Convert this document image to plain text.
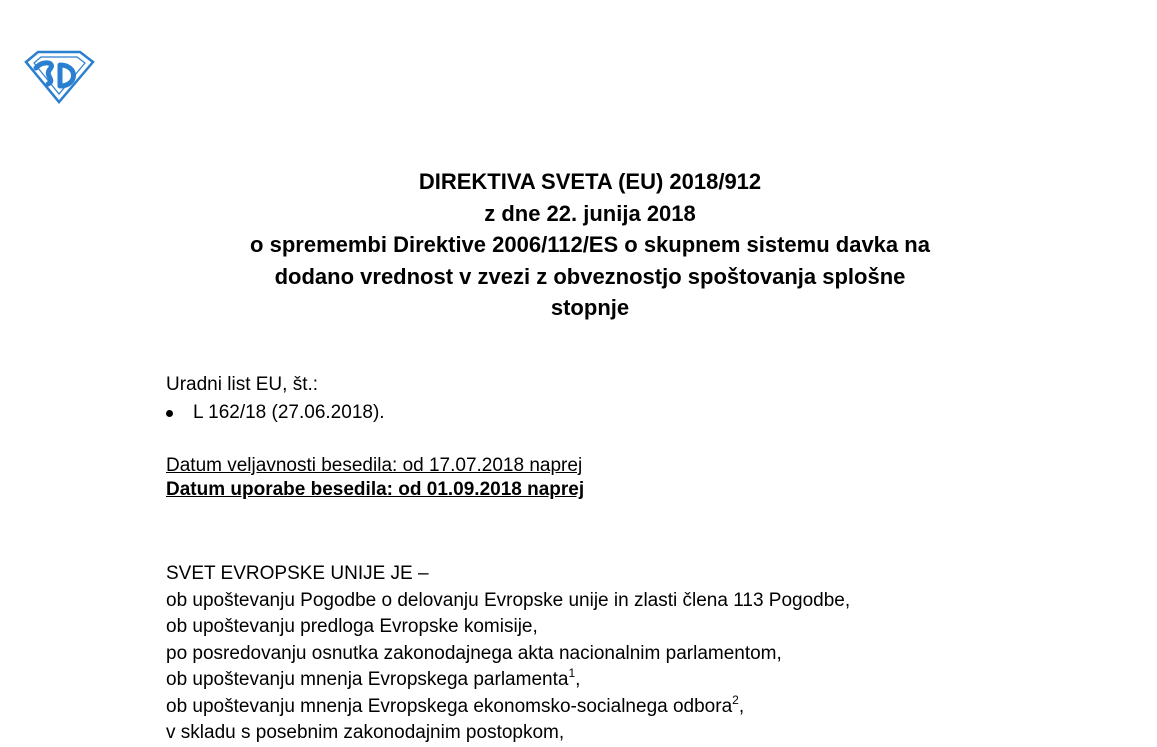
DIREKTIVA SVETA (EU) 2018/912
z dne 22. junija 2018
o spremembi Direktive 2006/112/ES o skupnem sistemu davka na
dodano vrednost v zvezi z obveznostjo spoštovanja splošne
stopnje
Uradni list EU, št.:
L 162/18 (27.06.2018).
Datum veljavnosti besedila: od 17.07.2018 naprej
Datum uporabe besedila: od 01.09.2018 naprej
SVET EVROPSKE UNIJE JE –
ob upoštevanju Pogodbe o delovanju Evropske unije in zlasti člena 113 Pogodbe,
ob upoštevanju predloga Evropske komisije,
po posredovanju osnutka zakonodajnega akta nacionalnim parlamentom,
ob upoštevanju mnenja Evropskega parlamenta$^1$,
ob upoštevanju mnenja Evropskega ekonomsko-socialnega odbora$^2$,
v skladu s posebnim zakonodajnim postopkom,
